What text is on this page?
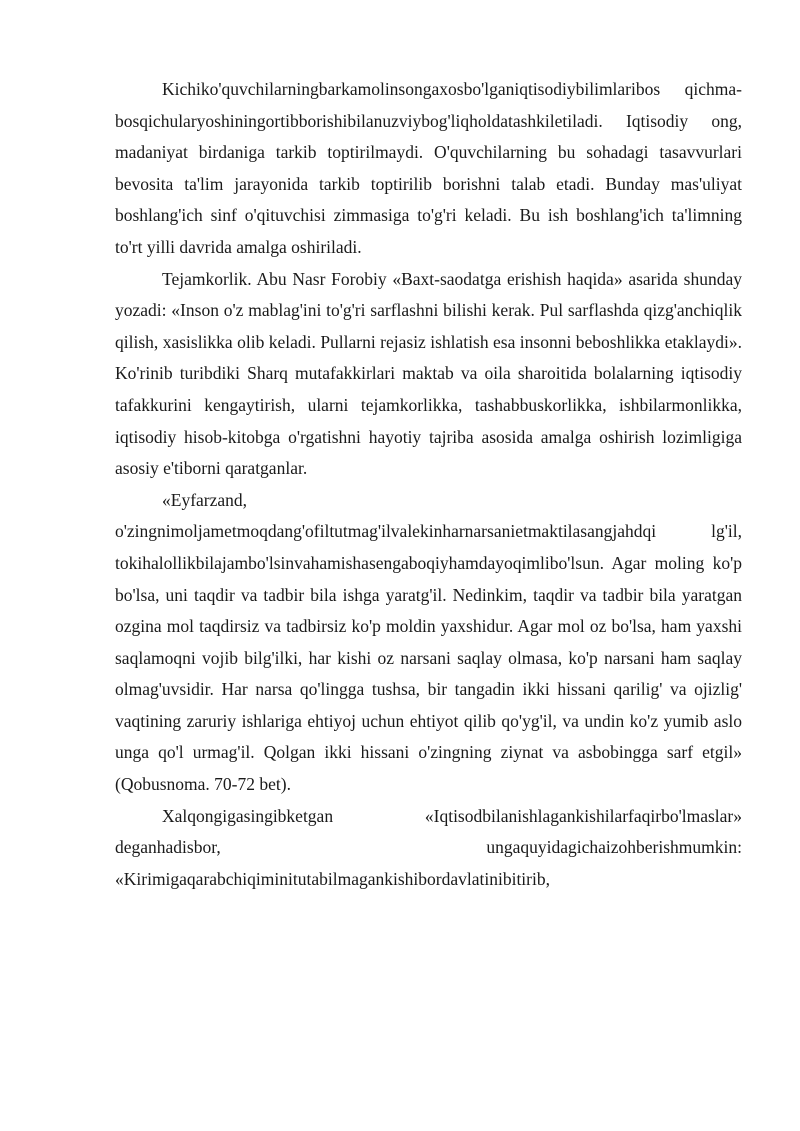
Kichiko'quvchilarningbarkamolinsongaxosbo'lganiqtisodiybilimlaribos qichma-bosqichularyoshiningortibborishibilanuzviybog'liqholdatashkiletiladi. Iqtisodiy ong, madaniyat birdaniga tarkib toptirilmaydi. O'quvchilarning bu sohadagi tasavvurlari bevosita ta'lim jarayonida tarkib toptirilib borishni talab etadi. Bunday mas'uliyat boshlang'ich sinf o'qituvchisi zimmasiga to'g'ri keladi. Bu ish boshlang'ich ta'limning to'rt yilli davrida amalga oshiriladi.

Tejamkorlik. Abu Nasr Forobiy «Baxt-saodatga erishish haqida» asarida shunday yozadi: «Inson o'z mablag'ini to'g'ri sarflashni bilishi kerak. Pul sarflashda qizg'anchiqlik qilish, xasislikka olib keladi. Pullarni rejasiz ishlatish esa insonni beboshlikka etaklaydi». Ko'rinib turibdiki Sharq mutafakkirlari maktab va oila sharoitida bolalarning iqtisodiy tafakkurini kengaytirish, ularni tejamkorlikka, tashabbuskorlikka, ishbilarmonlikka, iqtisodiy hisob-kitobga o'rgatishni hayotiy tajriba asosida amalga oshirish lozimligiga asosiy e'tiborni qaratganlar.

«Eyfarzand,

o'zingnimoljametmoqdang'ofiltutmag'ilvalekinharnarsanietmaktilasangjahdqi lg'il, tokihalollikbilajambo'lsinvahamishasengaboqiyhamdayoqimlibo'lsun. Agar moling ko'p bo'lsa, uni taqdir va tadbir bila ishga yaratg'il. Nedinkim, taqdir va tadbir bila yaratgan ozgina mol taqdirsiz va tadbirsiz ko'p moldin yaxshidur. Agar mol oz bo'lsa, ham yaxshi saqlamoqni vojib bilg'ilki, har kishi oz narsani saqlay olmasa, ko'p narsani ham saqlay olmag'uvsidir. Har narsa qo'lingga tushsa, bir tangadin ikki hissani qarilig' va ojizlig' vaqtining zaruriy ishlariga ehtiyoj uchun ehtiyot qilib qo'yg'il, va undin ko'z yumib aslo unga qo'l urmag'il. Qolgan ikki hissani o'zingning ziynat va asbobingga sarf etgil» (Qobusnoma. 70-72 bet).

Xalqongigasingibketgan «Iqtisodbilanishlagankishilarfaqirbo'lmaslar» deganhadisbor, ungaquyidagichaizohberishmumkin: «Kirimigaqarabchiqiminitutabilmagankishibordavlatinibitirib,
